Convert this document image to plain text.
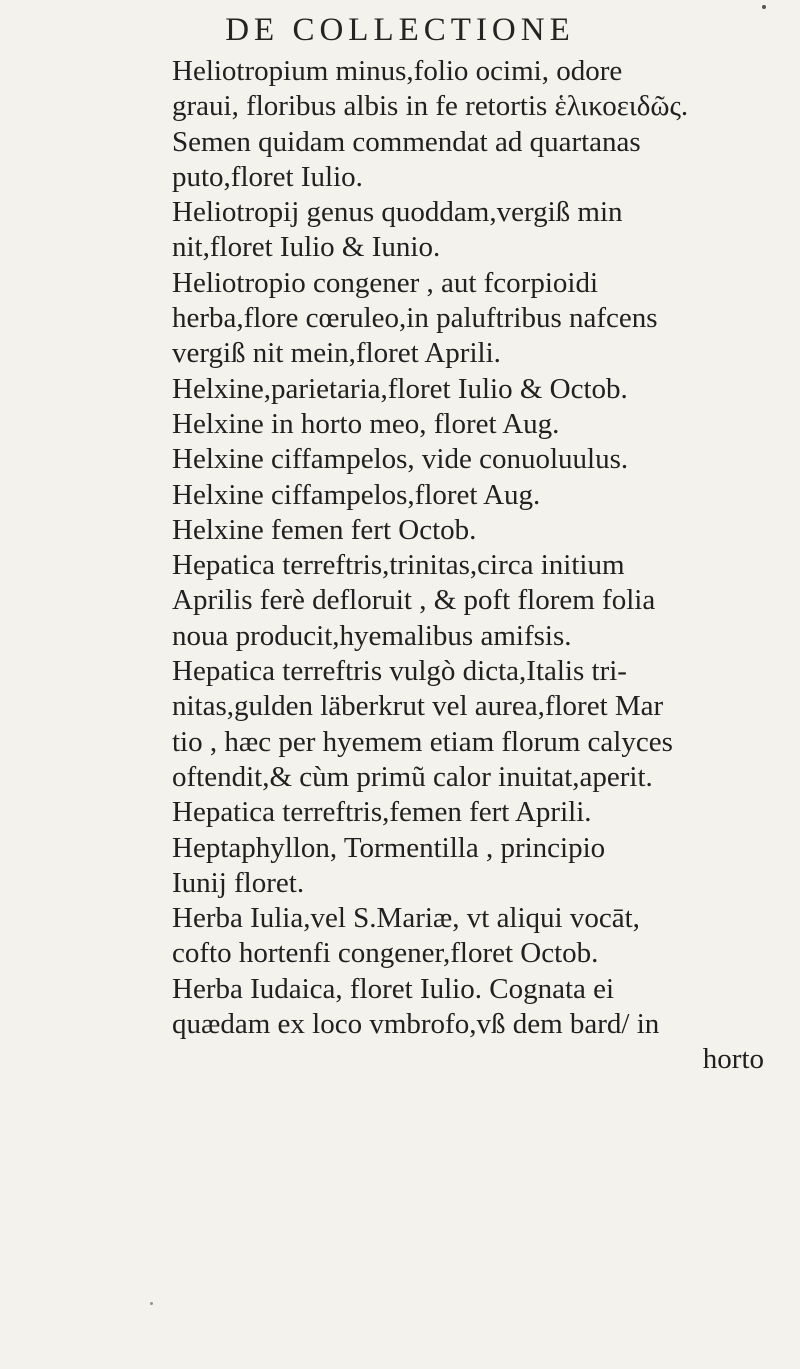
DE COLLECTIONE
Heliotropium minus,folio ocimi, odore
graui, floribus albis in fe retortis ἑλικοειδῶς.
Semen quidam commendat ad quartanas
puto,floret Iulio.
Heliotropij genus quoddam,vergiß min
nit,floret Iulio & Iunio.
Heliotropio congener , aut fcorpioidi
herba,flore cœruleo,in paluftribus nafcens
vergiß nit mein,floret Aprili.
Helxine,parietaria,floret Iulio & Octob.
Helxine in horto meo, floret Aug.
Helxine ciffampelos, vide conuoluulus.
Helxine ciffampelos,floret Aug.
Helxine femen fert Octob.
Hepatica terreftris,trinitas,circa initium
Aprilis ferè defloruit , & poft florem folia
noua producit,hyemalibus amifsis.
Hepatica terreftris vulgò dicta,Italis tri-
nitas,gulden läberkrut vel aurea,floret Mar
tio , hæc per hyemem etiam florum calyces
oftendit,& cùm primũ calor inuitat,aperit.
Hepatica terreftris,femen fert Aprili.
Heptaphyllon, Tormentilla , principio
Iunij floret.
Herba Iulia,vel S.Mariæ, vt aliqui vocāt,
cofto hortenfi congener,floret Octob.
Herba Iudaica, floret Iulio. Cognata ei
quædam ex loco vmbrofo,vß dem bard/ in
horto
